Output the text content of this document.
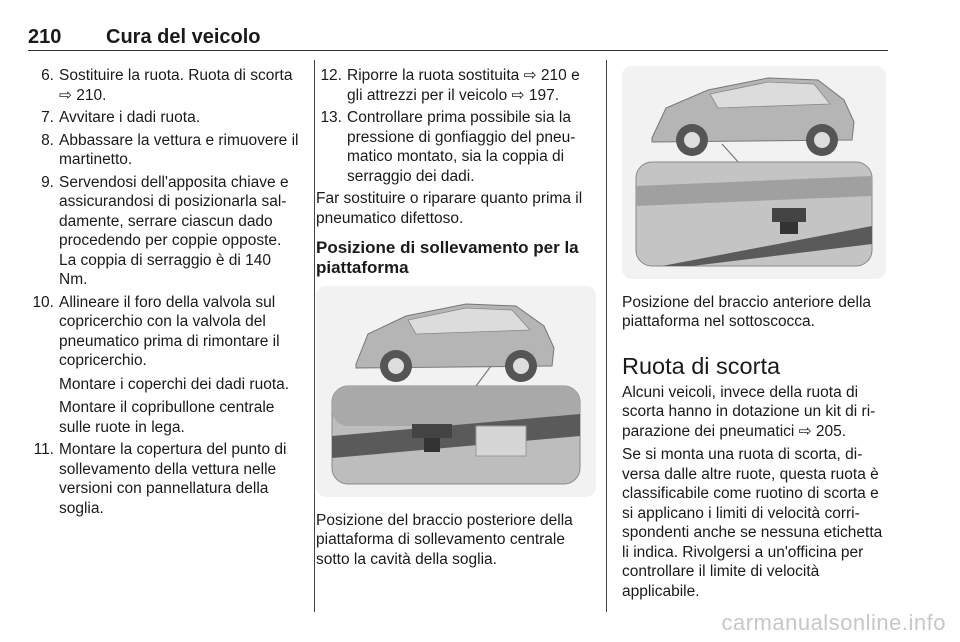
210 Cura del veicolo
6. Sostituire la ruota. Ruota di scorta ⇨ 210.
7. Avvitare i dadi ruota.
8. Abbassare la vettura e rimuovere il martinetto.
9. Servendosi dell'apposita chiave e assicurandosi di posizionarla saldamente, serrare ciascun dado procedendo per coppie opposte. La coppia di serraggio è di 140 Nm.
10. Allineare il foro della valvola sul copricerchio con la valvola del pneumatico prima di rimontare il copricerchio.
Montare i coperchi dei dadi ruota.
Montare il copribullone centrale sulle ruote in lega.
11. Montare la copertura del punto di sollevamento della vettura nelle versioni con pannellatura della soglia.
12. Riporre la ruota sostituita ⇨ 210 e gli attrezzi per il veicolo ⇨ 197.
13. Controllare prima possibile sia la pressione di gonfiaggio del pneumatico montato, sia la coppia di serraggio dei dadi.

Far sostituire o riparare quanto prima il pneumatico difettoso.

Posizione di sollevamento per la piattaforma

Posizione del braccio posteriore della piattaforma di sollevamento centrale sotto la cavità della soglia.

Posizione del braccio anteriore della piattaforma nel sottoscocca.

Ruota di scorta

Alcuni veicoli, invece della ruota di scorta hanno in dotazione un kit di riparazione dei pneumatici ⇨ 205.

Se si monta una ruota di scorta, diversa dalle altre ruote, questa ruota è classificabile come ruotino di scorta e si applicano i limiti di velocità corrispondenti anche se nessuna etichetta li indica. Rivolgersi a un'officina per controllare il limite di velocità applicabile.

carmanualsonline.info
